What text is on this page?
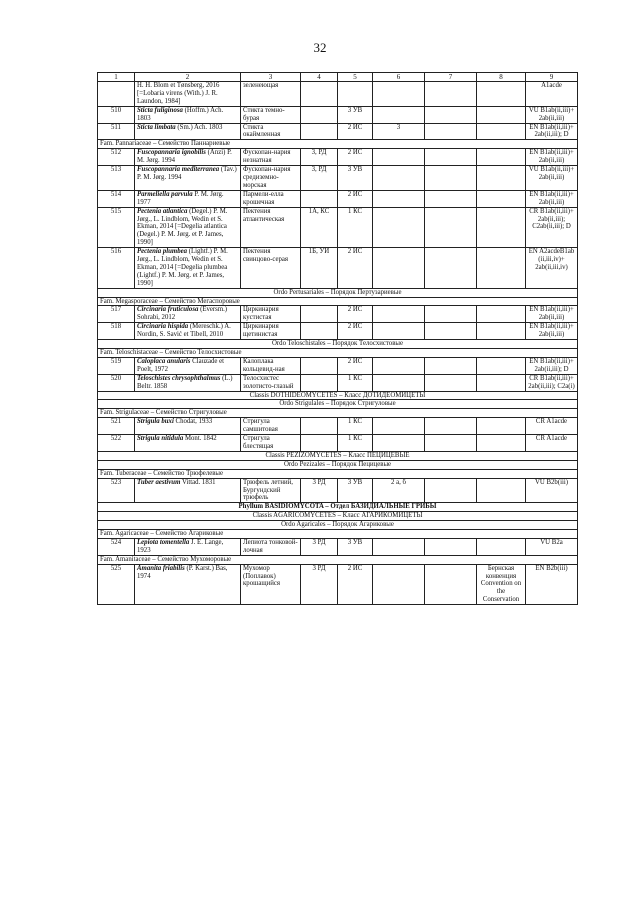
32
1	2	3	4	5	6	7	8	9
	H. H. Blom et Tønsberg, 2016 [=Lobaria virens (With.) J. R. Laundon, 1984]	зеленеющая						A1acde
510	Sticta fuliginosa (Hoffm.) Ach. 1803	Стикта темно-бурая		3 УВ				VU B1ab(ii,iii)+ 2ab(ii,iii)
511	Sticta limbata (Sm.) Ach. 1803	Стикта окаймленная		2 ИС	3			EN B1ab(ii,iii)+ 2ab(ii,iii); D
Fam. Pannariaceae – Семейство Паннариевые								
512	Fuscopannaria ignobilis (Anzi) P. M. Jørg. 1994	Фускопан-нария незнатная	3, РД	2 ИС				EN B1ab(ii,iii)+ 2ab(ii,iii)
513	Fuscopannaria mediterranea (Tav.) P. M. Jørg. 1994	Фускопан-нария средиземно-морская	3, РД	3 УВ				VU B1ab(ii,iii)+ 2ab(ii,iii)
514	Parmeliella parvula P. M. Jørg. 1977	Пармели-елла крошечная		2 ИС				EN B1ab(ii,iii)+ 2ab(ii,iii)
515	Pectenia atlantica (Degel.) P. M. Jørg., L. Lindblom, Wedin et S. Ekman, 2014 [=Degelia atlantica (Degel.) P. M. Jørg. et P. James, 1990]	Пектения атлантическая	1А, КС	1 КС				CR B1ab(ii,iii)+ 2ab(ii,iii); C2ab(ii,iii); D
516	Pectenia plumbea (Lightf.) P. M. Jørg., L. Lindblom, Wedin et S. Ekman, 2014 [=Degelia plumbea (Lightf.) P. M. Jørg. et P. James, 1990]	Пектения свинцово-серая	1Б, УИ	2 ИС				EN A2acdeB1ab (ii,iii,iv)+ 2ab(ii,iii,iv)
Ordo Pertusariales – Порядок Пертузариевые								
Fam. Megasporaceae – Семейство Мегаспоровые								
517	Circinaria fruticulosa (Eversm.) Sohrabi, 2012	Циркинария кустистая		2 ИС				EN B1ab(ii,iii)+ 2ab(ii,iii)
518	Circinaria hispida (Mereschk.) A. Nordin, S. Savić et Tibell, 2010	Циркинария щетинистая		2 ИС				EN B1ab(ii,iii)+ 2ab(ii,iii)
Ordo Teloschistales – Порядок Телосхистовые								
Fam. Teloschistaceae – Семейство Телосхистовые								
519	Caloplaca anularis Clauzade et Poelt, 1972	Калоплака кольцевид-ная		2 ИС				EN B1ab(ii,iii)+ 2ab(ii,iii); D
520	Teloschistes chrysophthalmus (L.) Beltr. 1858	Телосхистес золотисто-глазый		1 КС				CR B1ab(ii,iii)+ 2ab(ii,iii); C2a(i)
Classis DOTHIDEOMYCETES – Класс ДОТИДЕОМИЦЕТЫ								
Ordo Strigulales – Порядок Стригуловые								
Fam. Strigulaceae – Семейство Стригуловые								
521	Strigula buxi Chodat, 1933	Стригула самшитовая		1 КС				CR A1acde
522	Strigula nitidula Mont. 1842	Стригула блестящая		1 КС				CR A1acde
Classis PEZIZOMYCETES – Класс ПЕЦИЦЕВЫЕ								
Ordo Pezizales – Порядок Пецицевые								
Fam. Tuberaceae – Семейство Трюфелевые								
523	Tuber aestivum Vittad. 1831	Трюфель летний, Бургундский трюфель	3 РД	3 УВ	2 а, б			VU B2b(iii)
Phyllum BASIDIOMYCOTA – Отдел БАЗИДИАЛЬНЫЕ ГРИБЫ								
Classis AGARICOMYCETES – Класс АГАРИКОМИЦЕТЫ								
Ordo Agaricales – Порядок Агариковые								
Fam. Agaricaceae – Семейство Агариковые								
524	Lepiota tomentella J. E. Lange, 1923	Лепиота тонковой-лочная	3 РД	3 УВ				VU B2a
Fam. Amanitaceae – Семейство Мухоморовые								
525	Amanita friabilis (P. Karst.) Bas, 1974	Мухомор (Поплавок) крошащийся	3 РД	2 ИС			Бернская конвенция Convention on the Conservation	EN B2b(iii)
